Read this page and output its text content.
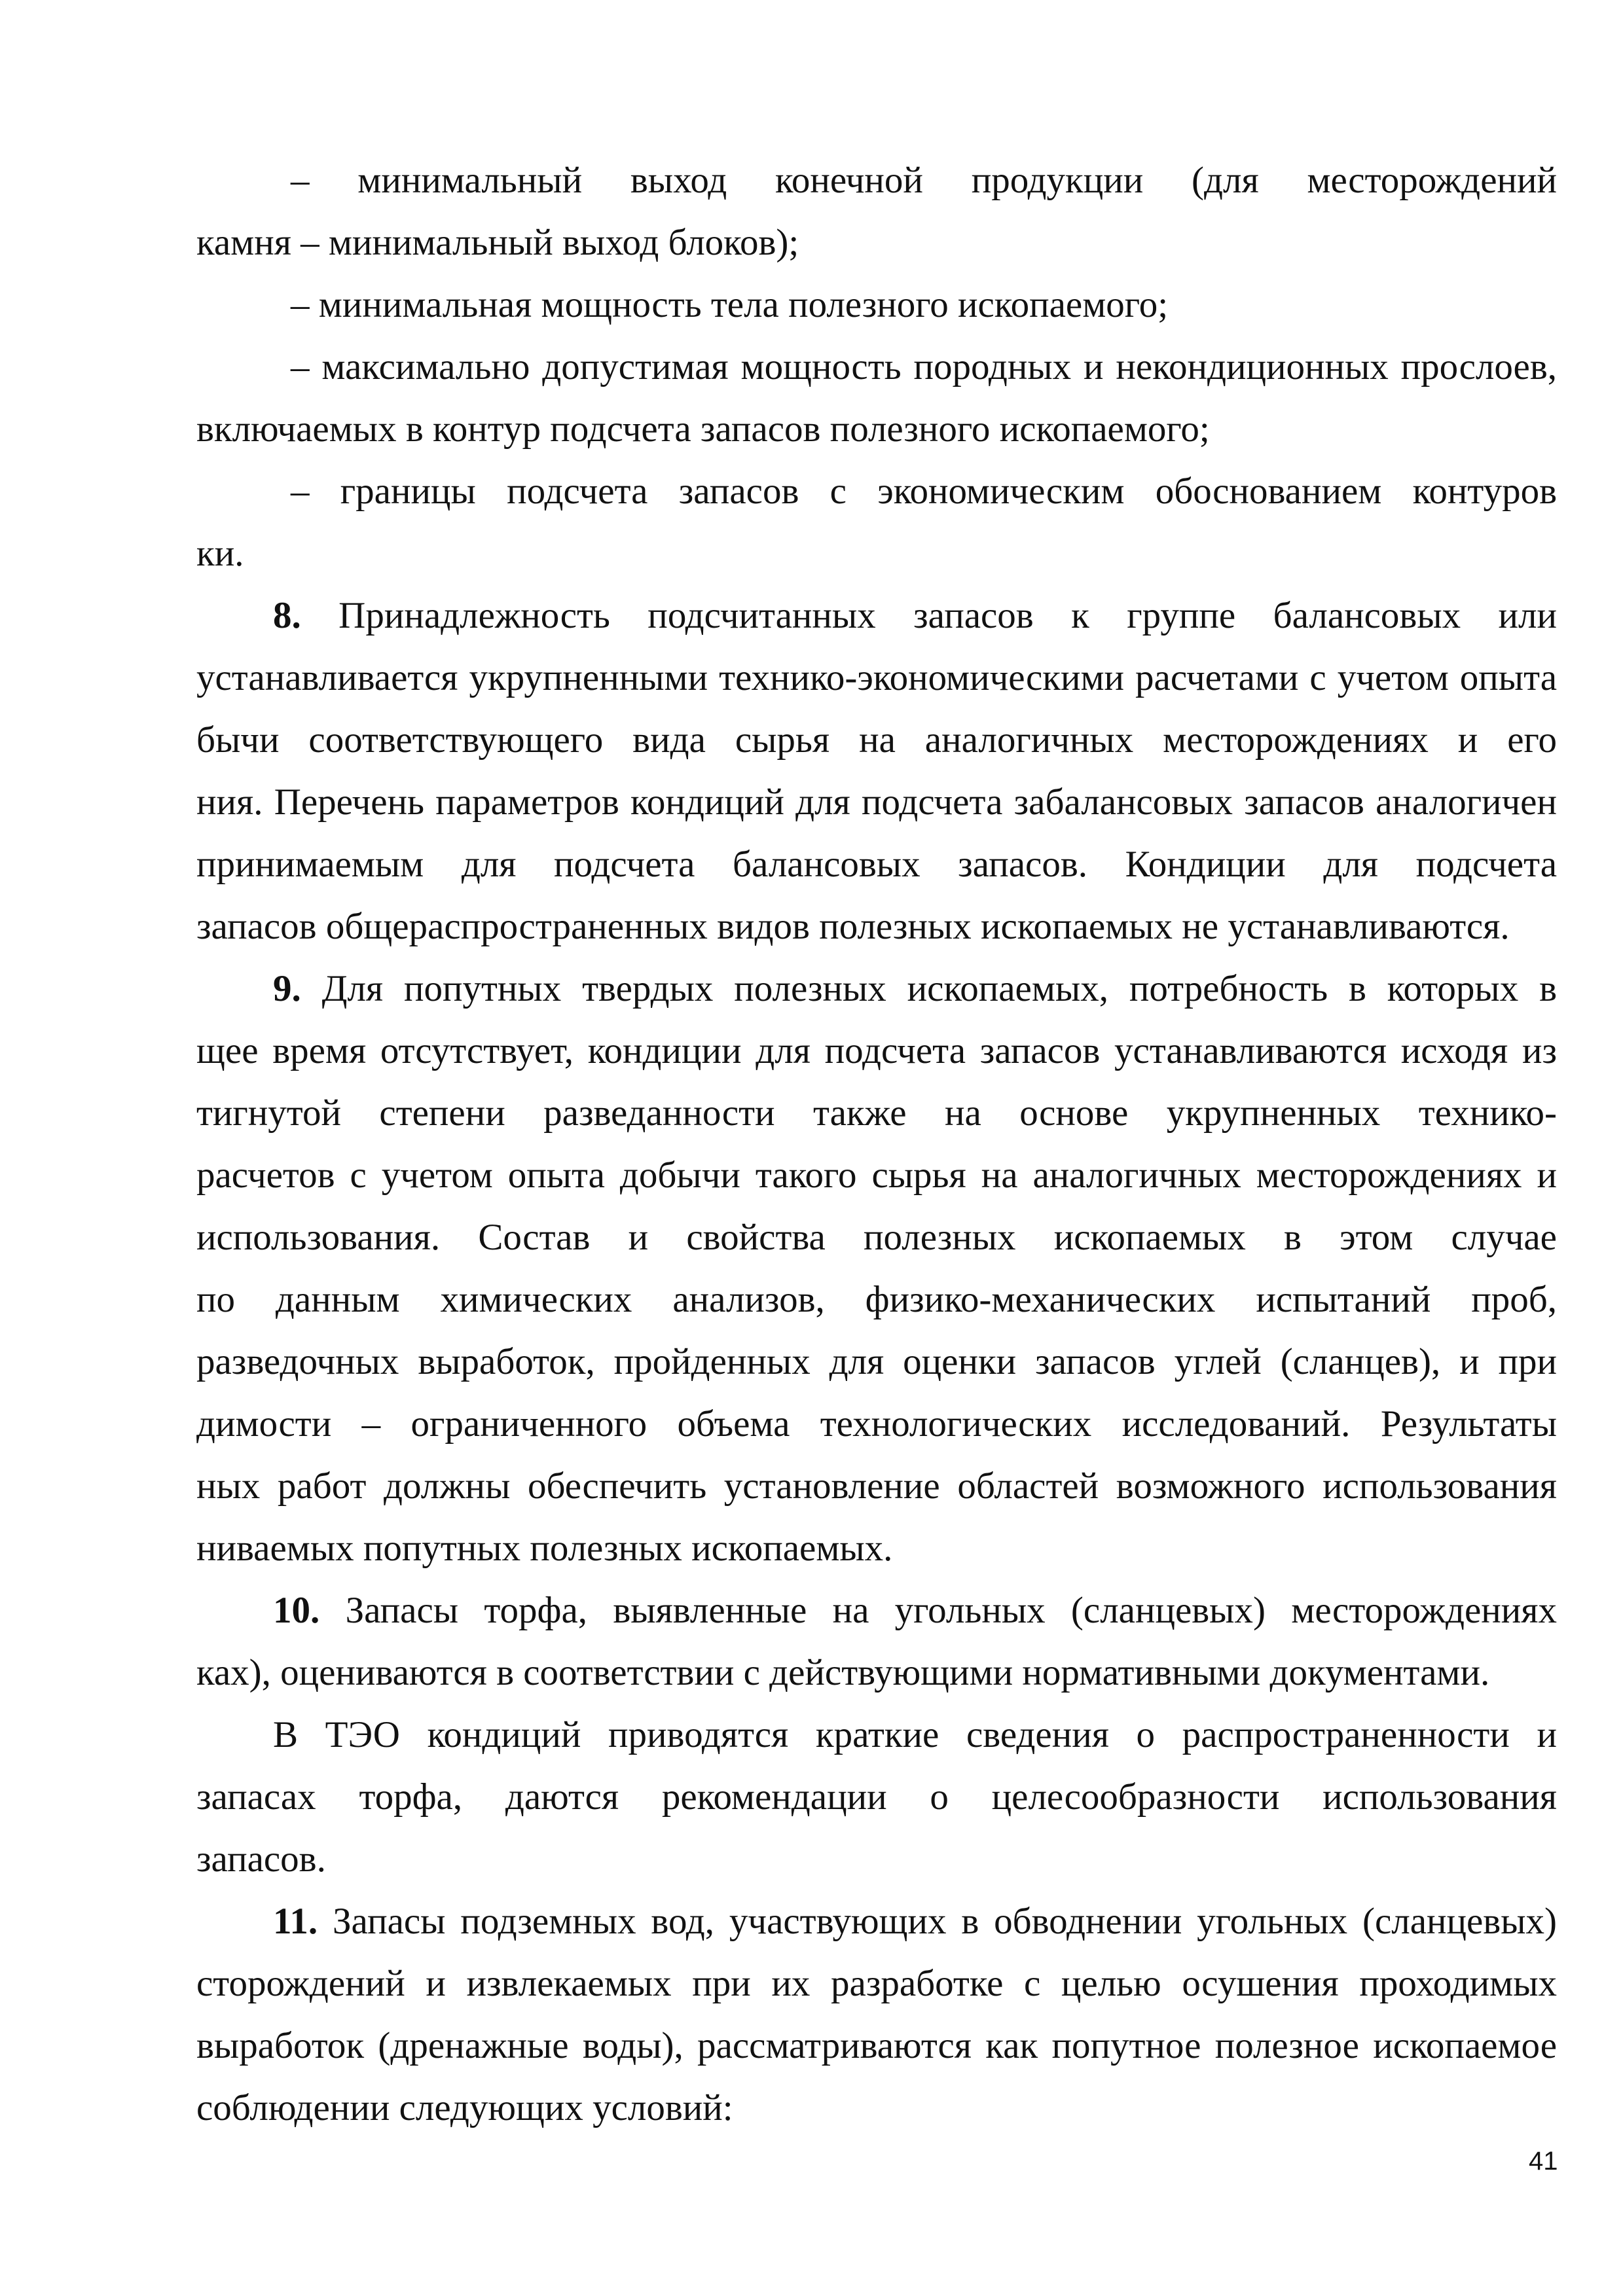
– минимальный выход конечной продукции (для месторождений
камня – минимальный выход блоков);
– минимальная мощность тела полезного ископаемого;
– максимально допустимая мощность породных и некондиционных прослоев,
включаемых в контур подсчета запасов полезного ископаемого;
– границы подсчета запасов с экономическим обоснованием контуров
ки.
8. Принадлежность подсчитанных запасов к группе балансовых или
устанавливается укрупненными технико-экономическими расчетами с учетом опыта
бычи соответствующего вида сырья на аналогичных месторождениях и его
ния. Перечень параметров кондиций для подсчета забалансовых запасов аналогичен
принимаемым для подсчета балансовых запасов. Кондиции для подсчета
запасов общераспространенных видов полезных ископаемых не устанавливаются.
9. Для попутных твердых полезных ископаемых, потребность в которых в
щее время отсутствует, кондиции для подсчета запасов устанавливаются исходя из
тигнутой степени разведанности также на основе укрупненных технико-
расчетов с учетом опыта добычи такого сырья на аналогичных месторождениях и
использования. Состав и свойства полезных ископаемых в этом случае
по данным химических анализов, физико-механических испытаний проб,
разведочных выработок, пройденных для оценки запасов углей (сланцев), и при
димости – ограниченного объема технологических исследований. Результаты
ных работ должны обеспечить установление областей возможного использования
ниваемых попутных полезных ископаемых.
10. Запасы торфа, выявленные на угольных (сланцевых) месторождениях
ках), оцениваются в соответствии с действующими нормативными документами.
В ТЭО кондиций приводятся краткие сведения о распространенности и
запасах торфа, даются рекомендации о целесообразности использования
запасов.
11. Запасы подземных вод, участвующих в обводнении угольных (сланцевых)
сторождений и извлекаемых при их разработке с целью осушения проходимых
выработок (дренажные воды), рассматриваются как попутное полезное ископаемое
соблюдении следующих условий:
41
